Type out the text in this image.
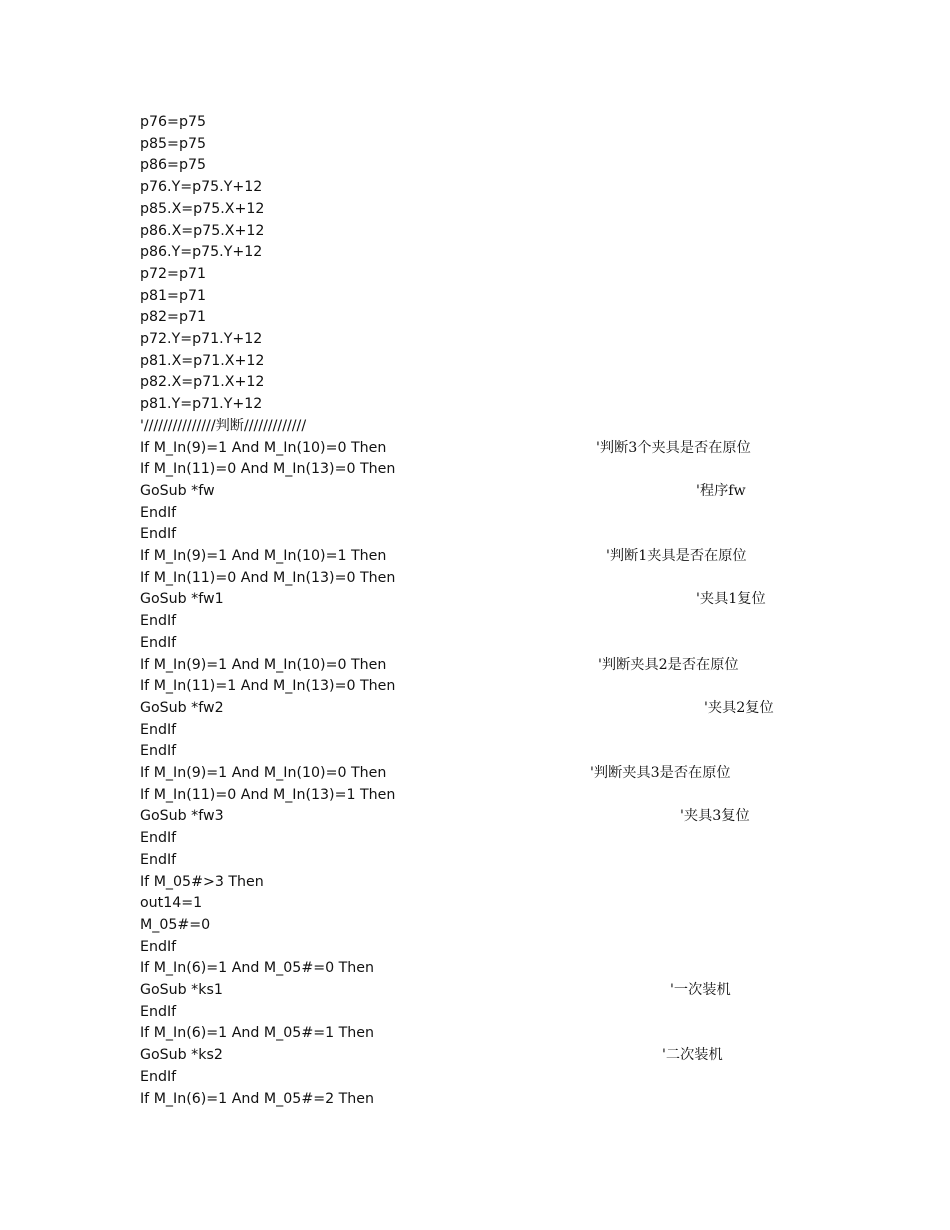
p76=p75
p85=p75
p86=p75
p76.Y=p75.Y+12
p85.X=p75.X+12
p86.X=p75.X+12
p86.Y=p75.Y+12
p72=p71
p81=p71
p82=p71
p72.Y=p71.Y+12
p81.X=p71.X+12
p82.X=p71.X+12
p81.Y=p71.Y+12
'///////////////判断/////////////

If M_In(9)=1 And M_In(10)=0 Then

	'判断3个夹具是否在原位

If M_In(11)=0 And M_In(13)=0 Then

GoSub *fw

	'程序fw

EndIf
EndIf

If M_In(9)=1 And M_In(10)=1 Then

	'判断1夹具是否在原位

If M_In(11)=0 And M_In(13)=0 Then

GoSub *fw1

	'夹具1复位

EndIf
EndIf

If M_In(9)=1 And M_In(10)=0 Then

	'判断夹具2是否在原位

If M_In(11)=1 And M_In(13)=0 Then

GoSub *fw2

	'夹具2复位

EndIf
EndIf

If M_In(9)=1 And M_In(10)=0 Then

	'判断夹具3是否在原位

If M_In(11)=0 And M_In(13)=1 Then

GoSub *fw3

	'夹具3复位

EndIf
EndIf
If M_05#>3 Then
out14=1
M_05#=0
EndIf
If M_In(6)=1 And M_05#=0 Then

GoSub *ks1

	'一次装机

EndIf
If M_In(6)=1 And M_05#=1 Then

GoSub *ks2

	'二次装机

EndIf
If M_In(6)=1 And M_05#=2 Then
